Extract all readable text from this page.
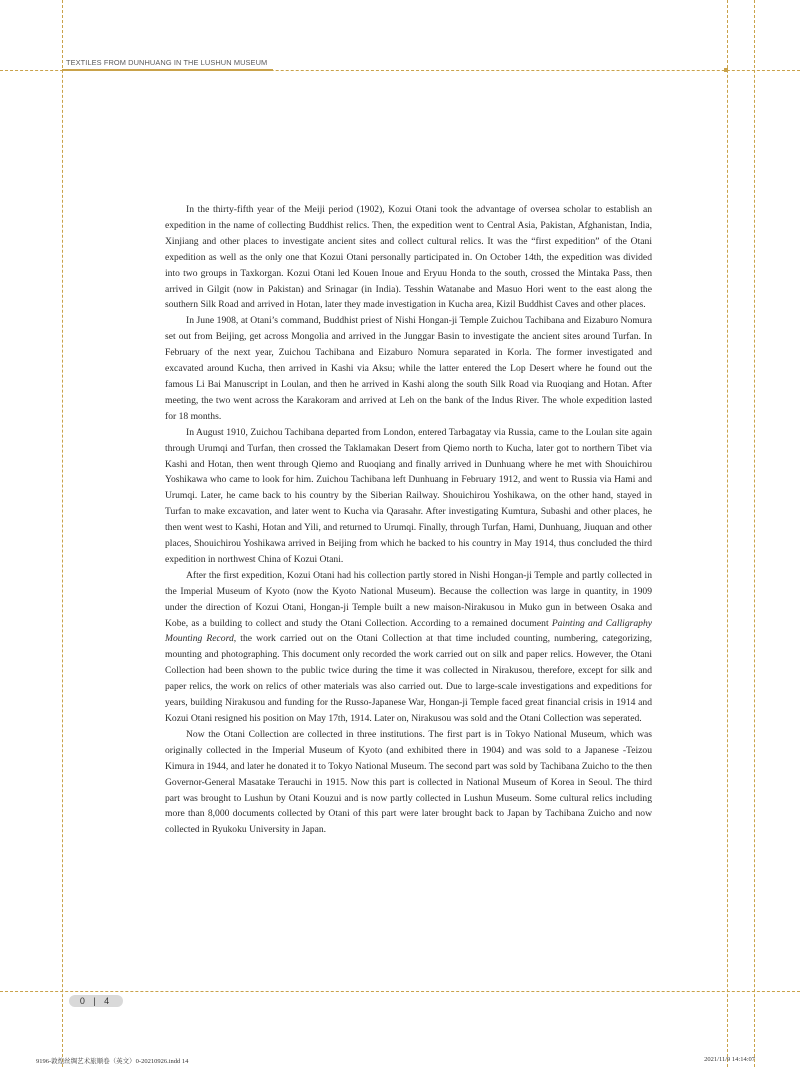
TEXTILES FROM DUNHUANG IN THE LUSHUN MUSEUM

In the thirty-fifth year of the Meiji period (1902), Kozui Otani took the advantage of oversea scholar to establish an expedition in the name of collecting Buddhist relics. Then, the expedition went to Central Asia, Pakistan, Afghanistan, India, Xinjiang and other places to investigate ancient sites and collect cultural relics. It was the “first expedition” of the Otani expedition as well as the only one that Kozui Otani personally participated in. On October 14th, the expedition was divided into two groups in Taxkorgan. Kozui Otani led Kouen Inoue and Eryuu Honda to the south, crossed the Mintaka Pass, then arrived in Gilgit (now in Pakistan) and Srinagar (in India). Tesshin Watanabe and Masuo Hori went to the east along the southern Silk Road and arrived in Hotan, later they made investigation in Kucha area, Kizil Buddhist Caves and other places.

In June 1908, at Otani’s command, Buddhist priest of Nishi Hongan-ji Temple Zuichou Tachibana and Eizaburo Nomura set out from Beijing, get across Mongolia and arrived in the Junggar Basin to investigate the ancient sites around Turfan. In February of the next year, Zuichou Tachibana and Eizaburo Nomura separated in Korla. The former investigated and excavated around Kucha, then arrived in Kashi via Aksu; while the latter entered the Lop Desert where he found out the famous Li Bai Manuscript in Loulan, and then he arrived in Kashi along the south Silk Road via Ruoqiang and Hotan. After meeting, the two went across the Karakoram and arrived at Leh on the bank of the Indus River. The whole expedition lasted for 18 months.

In August 1910, Zuichou Tachibana departed from London, entered Tarbagatay via Russia, came to the Loulan site again through Urumqi and Turfan, then crossed the Taklamakan Desert from Qiemo north to Kucha, later got to northern Tibet via Kashi and Hotan, then went through Qiemo and Ruoqiang and finally arrived in Dunhuang where he met with Shouichirou Yoshikawa who came to look for him. Zuichou Tachibana left Dunhuang in February 1912, and went to Russia via Hami and Urumqi. Later, he came back to his country by the Siberian Railway. Shouichirou Yoshikawa, on the other hand, stayed in Turfan to make excavation, and later went to Kucha via Qarasahr. After investigating Kumtura, Subashi and other places, he then went west to Kashi, Hotan and Yili, and returned to Urumqi. Finally, through Turfan, Hami, Dunhuang, Jiuquan and other places, Shouichirou Yoshikawa arrived in Beijing from which he backed to his country in May 1914, thus concluded the third expedition in northwest China of Kozui Otani.

After the first expedition, Kozui Otani had his collection partly stored in Nishi Hongan-ji Temple and partly collected in the Imperial Museum of Kyoto (now the Kyoto National Museum). Because the collection was large in quantity, in 1909 under the direction of Kozui Otani, Hongan-ji Temple built a new maison-Nirakusou in Muko gun in between Osaka and Kobe, as a building to collect and study the Otani Collection. According to a remained document Painting and Calligraphy Mounting Record, the work carried out on the Otani Collection at that time included counting, numbering, categorizing, mounting and photographing. This document only recorded the work carried out on silk and paper relics. However, the Otani Collection had been shown to the public twice during the time it was collected in Nirakusou, therefore, except for silk and paper relics, the work on relics of other materials was also carried out. Due to large-scale investigations and expeditions for years, building Nirakusou and funding for the Russo-Japanese War, Hongan-ji Temple faced great financial crisis in 1914 and Kozui Otani resigned his position on May 17th, 1914. Later on, Nirakusou was sold and the Otani Collection was seperated.

Now the Otani Collection are collected in three institutions. The first part is in Tokyo National Museum, which was originally collected in the Imperial Museum of Kyoto (and exhibited there in 1904) and was sold to a Japanese -Teizou Kimura in 1944, and later he donated it to Tokyo National Museum. The second part was sold by Tachibana Zuicho to the then Governor-General Masatake Terauchi in 1915. Now this part is collected in National Museum of Korea in Seoul. The third part was brought to Lushun by Otani Kouzui and is now partly collected in Lushun Museum. Some cultural relics including more than 8,000 documents collected by Otani of this part were later brought back to Japan by Tachibana Zuicho and now collected in Ryukoku University in Japan.

0 | 4
9196-敦煌丝绸艺术旅顺卷（英文）0-20210926.indd 14	2021/11/9 14:14:07
